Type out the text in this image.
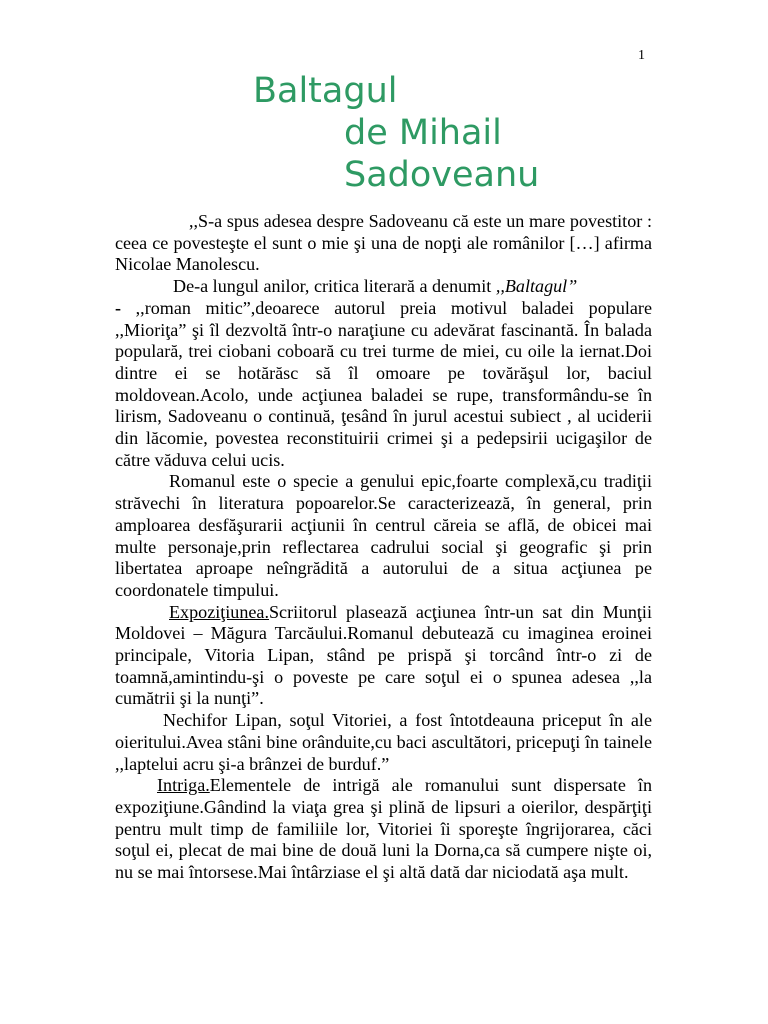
1
Baltagul
de Mihail
Sadoveanu

,,S-a spus adesea despre Sadoveanu că este un mare povestitor : ceea ce povesteşte el sunt o mie şi una de nopţi ale românilor […] afirma Nicolae Manolescu.

De-a lungul anilor, critica literară a denumit ,,Baltagul”
- ,,roman mitic”,deoarece autorul preia motivul baladei populare ,,Mioriţa” şi îl dezvoltă într-o naraţiune cu adevărat fascinantă. În balada populară, trei ciobani coboară cu trei turme de miei, cu oile la iernat.Doi dintre ei se hotărăsc să îl omoare pe tovărăşul lor, baciul moldovean.Acolo, unde acţiunea baladei se rupe, transformându-se în lirism, Sadoveanu o continuă, ţesând în jurul acestui subiect , al uciderii din lăcomie, povestea reconstituirii crimei şi a pedepsirii ucigaşilor de către văduva celui ucis.

Romanul este o specie a genului epic,foarte complexă,cu tradiţii străvechi în literatura popoarelor.Se caracterizează, în general, prin amploarea desfăşurarii acţiunii în centrul căreia se află, de obicei mai multe personaje,prin reflectarea cadrului social şi geografic şi prin libertatea aproape neîngrădită a autorului de a situa acţiunea pe coordonatele timpului.

Expoziţiunea.Scriitorul plasează acţiunea într-un sat din Munţii Moldovei – Măgura Tarcăului.Romanul debutează cu imaginea eroinei principale, Vitoria Lipan, stând pe prispă şi torcând într-o zi de toamnă,amintindu-şi o poveste pe care soţul ei o spunea adesea ,,la cumătrii şi la nunţi”.

Nechifor Lipan, soţul Vitoriei, a fost întotdeauna priceput în ale oieritului.Avea stâni bine orânduite,cu baci ascultători, pricepuţi în tainele ,,laptelui acru şi-a brânzei de burduf.”

Intriga.Elementele de intrigă ale romanului sunt dispersate în expoziţiune.Gândind la viaţa grea şi plină de lipsuri a oierilor, despărţiţi pentru mult timp de familiile lor, Vitoriei îi sporeşte îngrijorarea, căci soţul ei, plecat de mai bine de două luni la Dorna,ca să cumpere nişte oi, nu se mai întorsese.Mai întârziase el şi altă dată dar niciodată aşa mult.
